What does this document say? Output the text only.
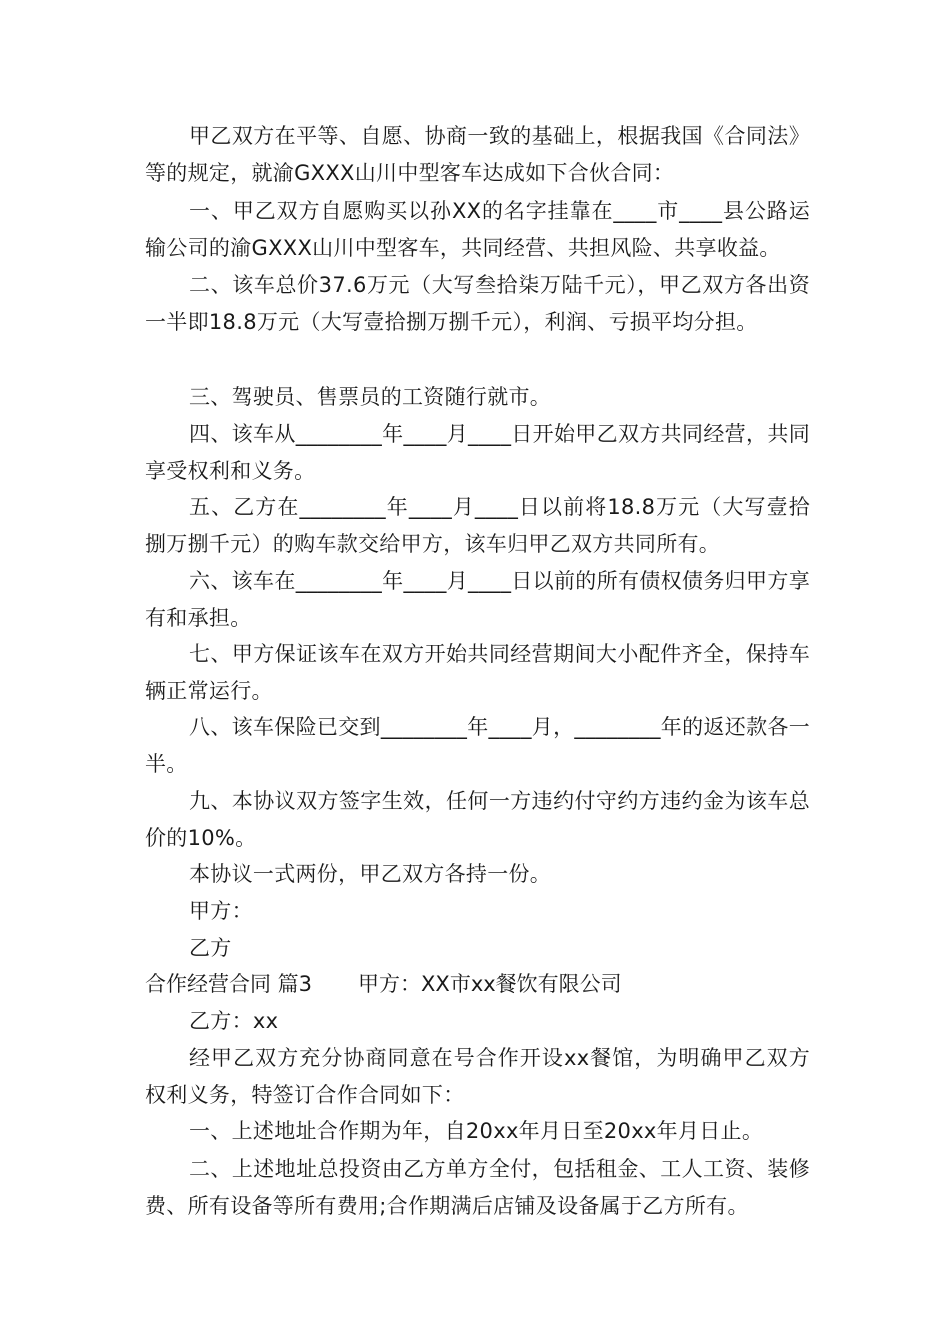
甲乙双方在平等、自愿、协商一致的基础上，根据我国《合同法》等的规定，就渝GXXX山川中型客车达成如下合伙合同：

一、甲乙双方自愿购买以孙XX的名字挂靠在____市____县公路运输公司的渝GXXX山川中型客车，共同经营、共担风险、共享收益。

二、该车总价37.6万元（大写叁拾柒万陆千元），甲乙双方各出资一半即18.8万元（大写壹拾捌万捌千元），利润、亏损平均分担。

三、驾驶员、售票员的工资随行就市。

四、该车从________年____月____日开始甲乙双方共同经营，共同享受权利和义务。

五、乙方在________年____月____日以前将18.8万元（大写壹拾捌万捌千元）的购车款交给甲方，该车归甲乙双方共同所有。

六、该车在________年____月____日以前的所有债权债务归甲方享有和承担。

七、甲方保证该车在双方开始共同经营期间大小配件齐全，保持车辆正常运行。

八、该车保险已交到________年____月，________年的返还款各一半。

九、本协议双方签字生效，任何一方违约付守约方违约金为该车总价的10%。

本协议一式两份，甲乙双方各持一份。

甲方：

乙方

合作经营合同 篇3 甲方：XX市xx餐饮有限公司

乙方：xx

经甲乙双方充分协商同意在号合作开设xx餐馆，为明确甲乙双方权利义务，特签订合作合同如下：

一、上述地址合作期为年，自20xx年月日至20xx年月日止。

二、上述地址总投资由乙方单方全付，包括租金、工人工资、装修费、所有设备等所有费用;合作期满后店铺及设备属于乙方所有。
